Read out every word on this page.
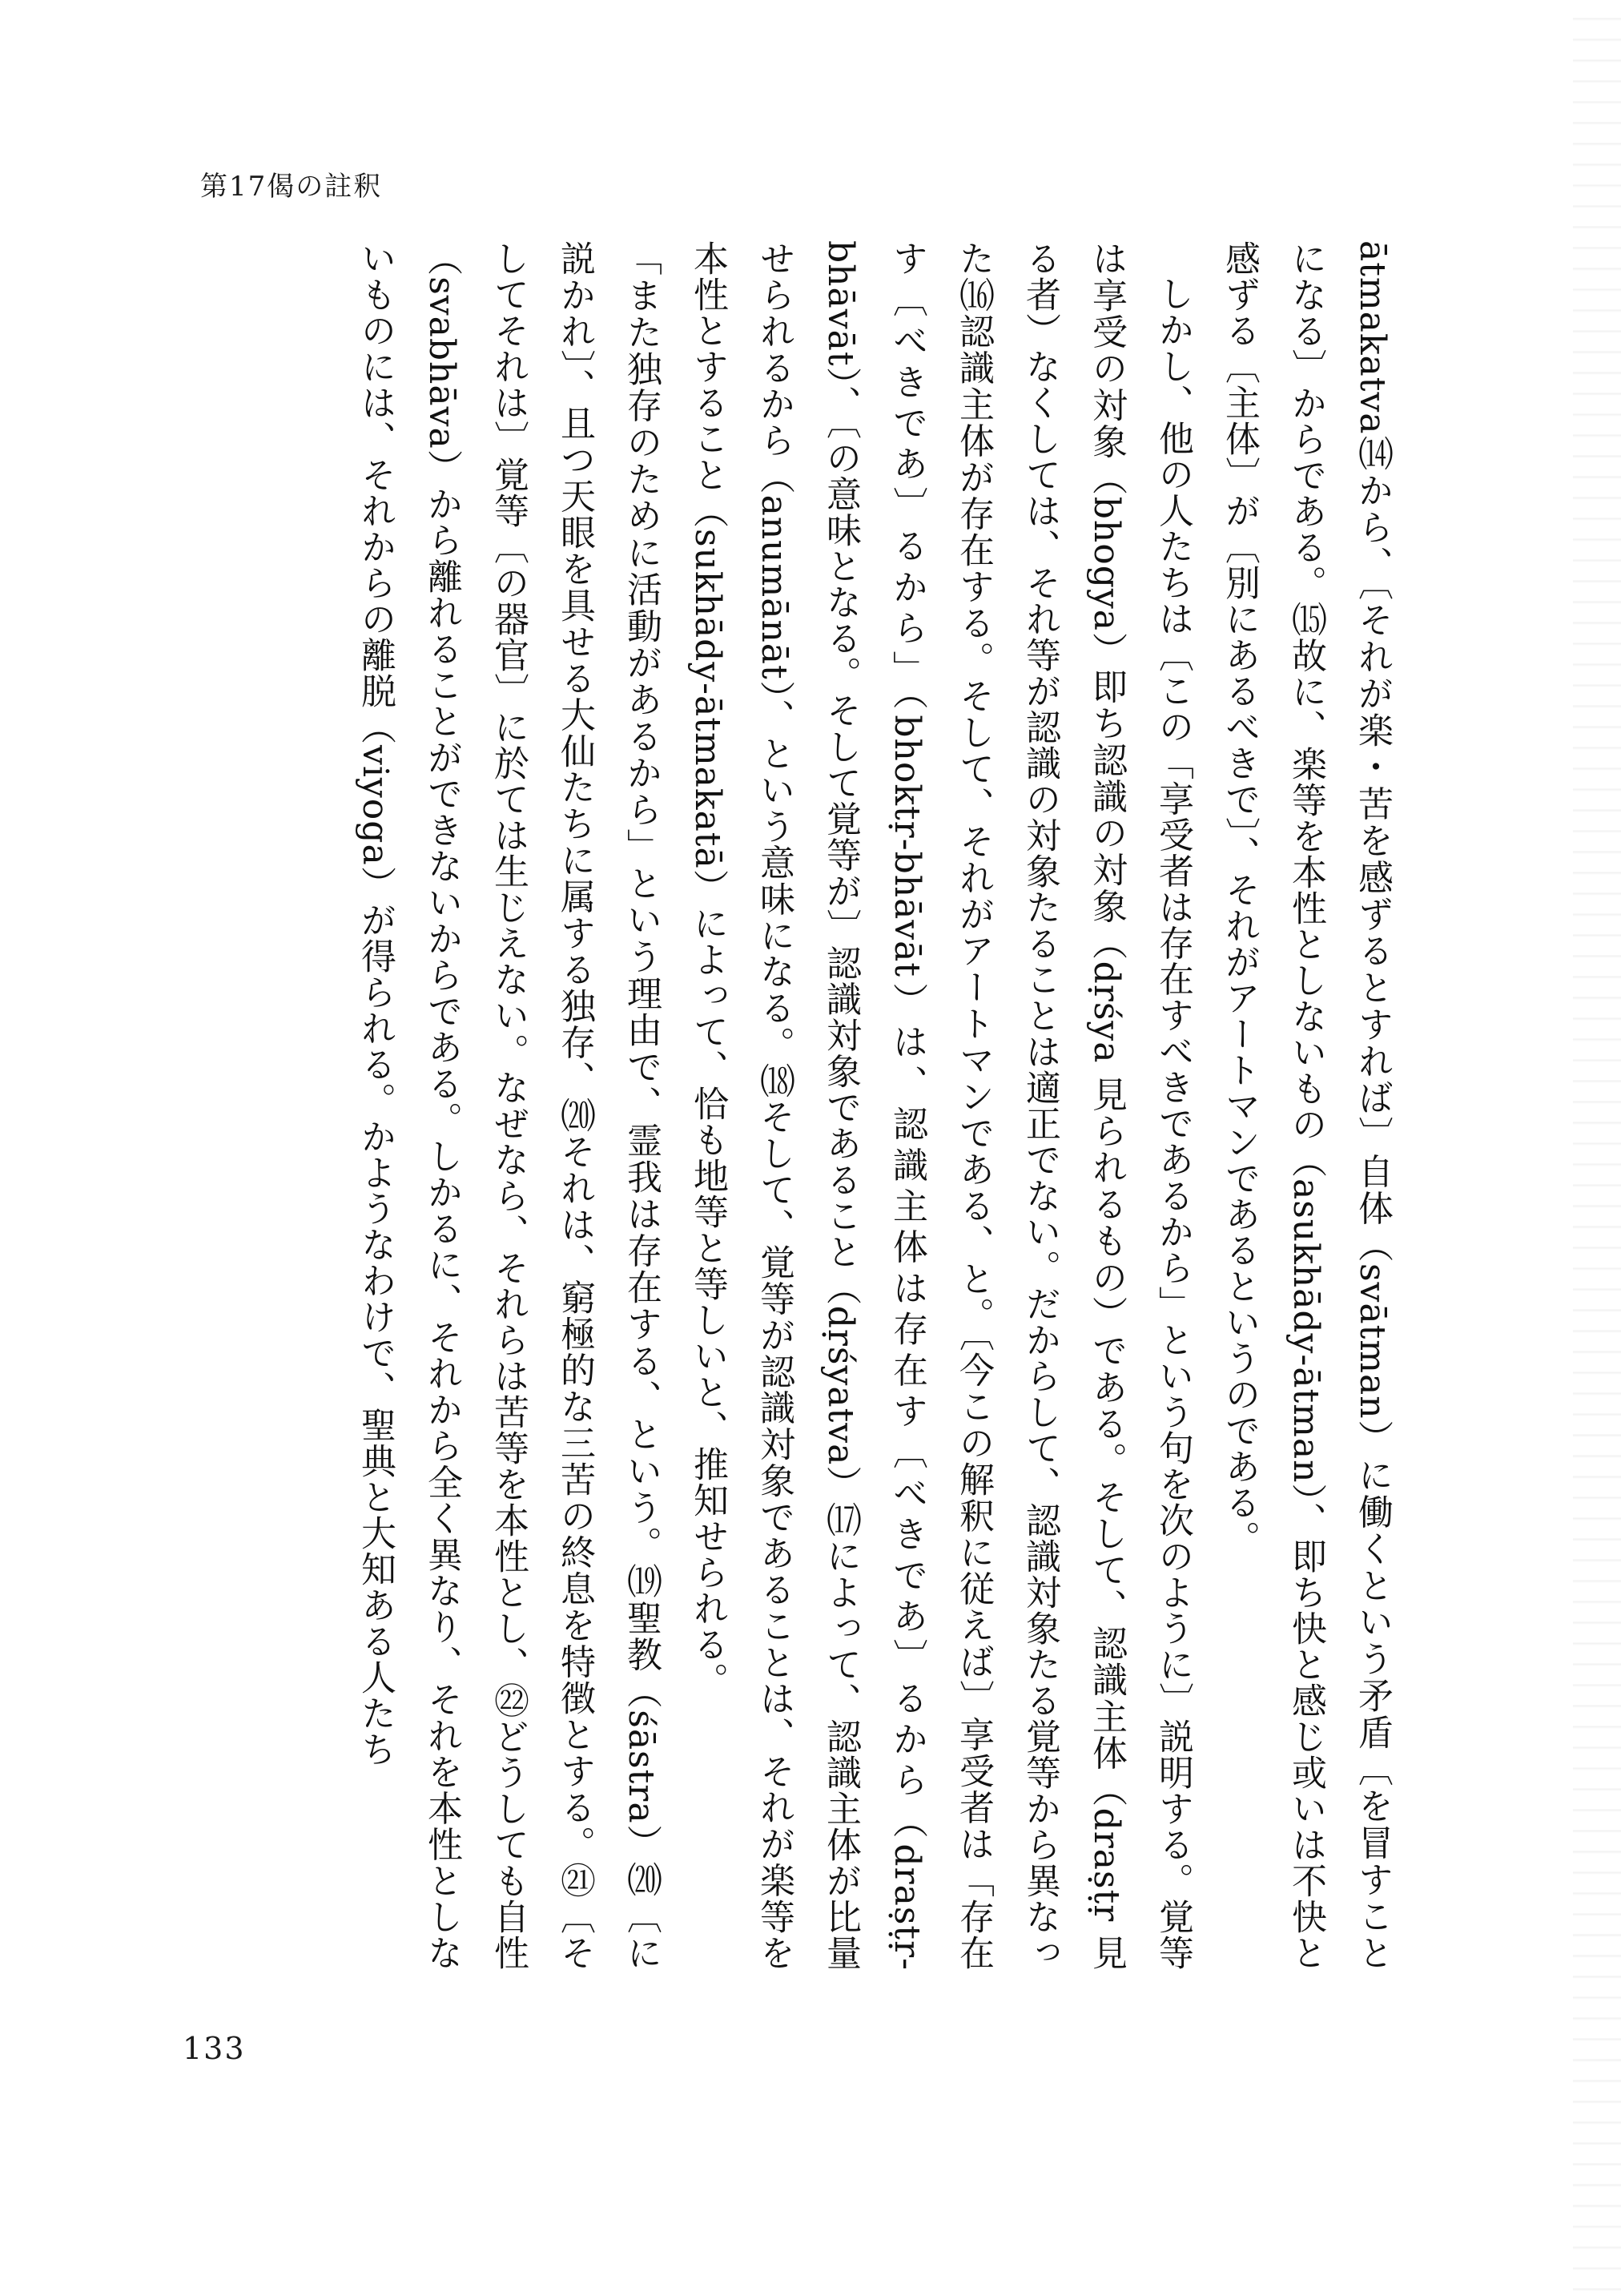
第17偈の註釈

ātmakatva⒁から、〔それが楽・苦を感ずるとすれば〕自体（svātman）に働くという矛盾〔を冒すことになる〕からである。⒂故に、楽等を本性としないもの（asukhādy-ātman）、即ち快と感じ或いは不快と感ずる〔主体〕が〔別にあるべきで〕、それがアートマンであるというのである。

しかし、他の人たちは〔この「享受者は存在すべきであるから」という句を次のように〕説明する。覚等は享受の対象（bhogya）即ち認識の対象（dṛśya 見られるもの）である。そして、認識主体（draṣṭṛ 見る者）なくしては、それ等が認識の対象たることは適正でない。だからして、認識対象たる覚等から異なった⒃認識主体が存在する。そして、それがアートマンである、と。〔今この解釈に従えば〕享受者は「存在す〔べきであ〕るから」（bhoktṛ-bhāvāt）は、認識主体は存在す〔べきであ〕るから（draṣṭṛ-bhāvāt）、〔の意味となる。そして覚等が〕認識対象であること（dṛśyatva）⒄によって、認識主体が比量せられるから（anumānāt）、という意味になる。⒅そして、覚等が認識対象であることは、それが楽等を本性とすること（sukhādy-ātmakatā）によって、恰も地等と等しいと、推知せられる。

「また独存のために活動があるから」という理由で、霊我は存在する、という。⒆聖教（śāstra）⒇〔に説かれ〕、且つ天眼を具せる大仙たちに属する独存、⒇それは、窮極的な三苦の終息を特徴とする。㉑〔そしてそれは〕覚等〔の器官〕に於ては生じえない。なぜなら、それらは苦等を本性とし、㉒どうしても自性（svabhāva）から離れることができないからである。しかるに、それから全く異なり、それを本性としないものには、それからの離脱（viyoga）が得られる。かようなわけで、聖典と大知ある人たち

133
